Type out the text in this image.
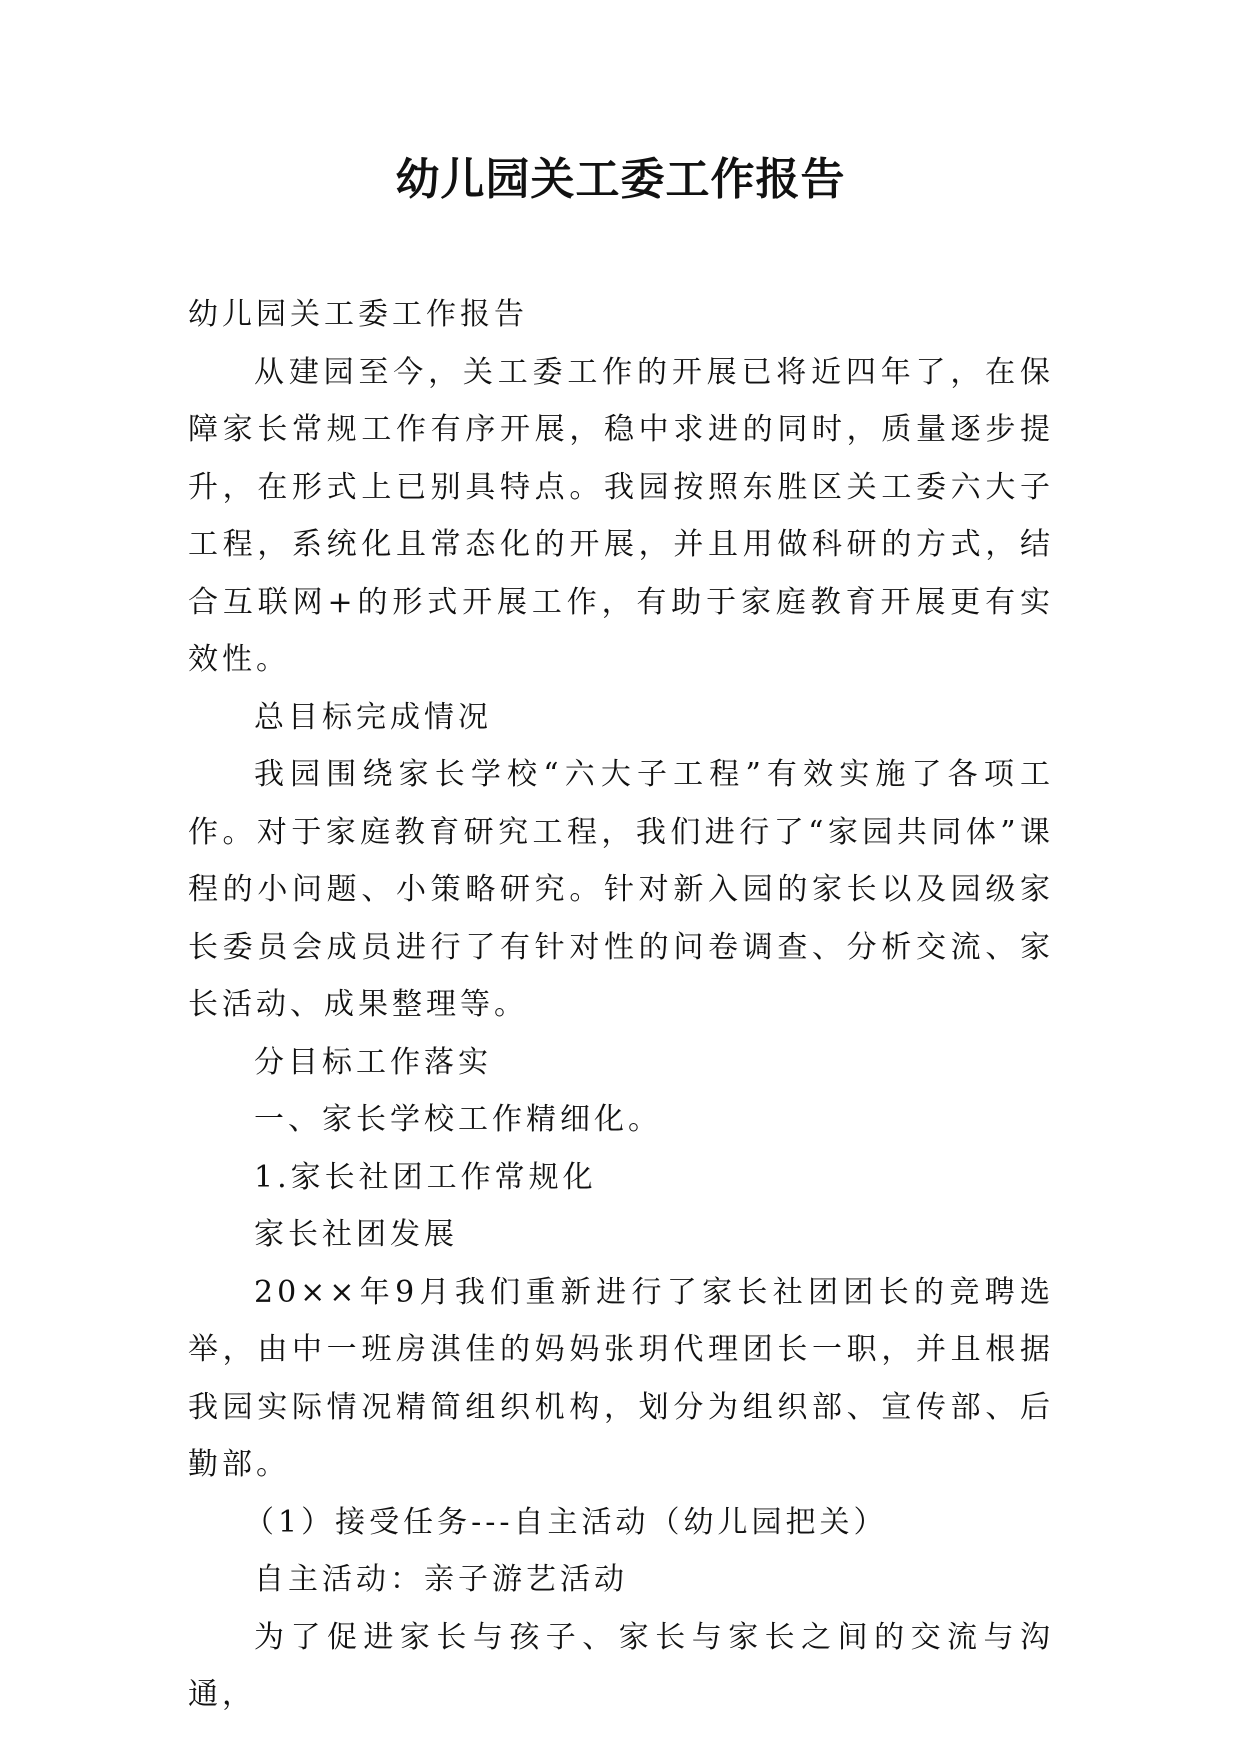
幼儿园关工委工作报告

幼儿园关工委工作报告

从建园至今，关工委工作的开展已将近四年了，在保障家长常规工作有序开展，稳中求进的同时，质量逐步提升，在形式上已别具特点。我园按照东胜区关工委六大子工程，系统化且常态化的开展，并且用做科研的方式，结合互联网+的形式开展工作，有助于家庭教育开展更有实效性。

总目标完成情况

我园围绕家长学校“六大子工程”有效实施了各项工作。对于家庭教育研究工程，我们进行了“家园共同体”课程的小问题、小策略研究。针对新入园的家长以及园级家长委员会成员进行了有针对性的问卷调查、分析交流、家长活动、成果整理等。

分目标工作落实

一、家长学校工作精细化。

1.家长社团工作常规化

家长社团发展

20××年9月我们重新进行了家长社团团长的竞聘选举，由中一班房淇佳的妈妈张玥代理团长一职，并且根据我园实际情况精简组织机构，划分为组织部、宣传部、后勤部。

（1）接受任务---自主活动（幼儿园把关）

自主活动：亲子游艺活动

为了促进家长与孩子、家长与家长之间的交流与沟通，
